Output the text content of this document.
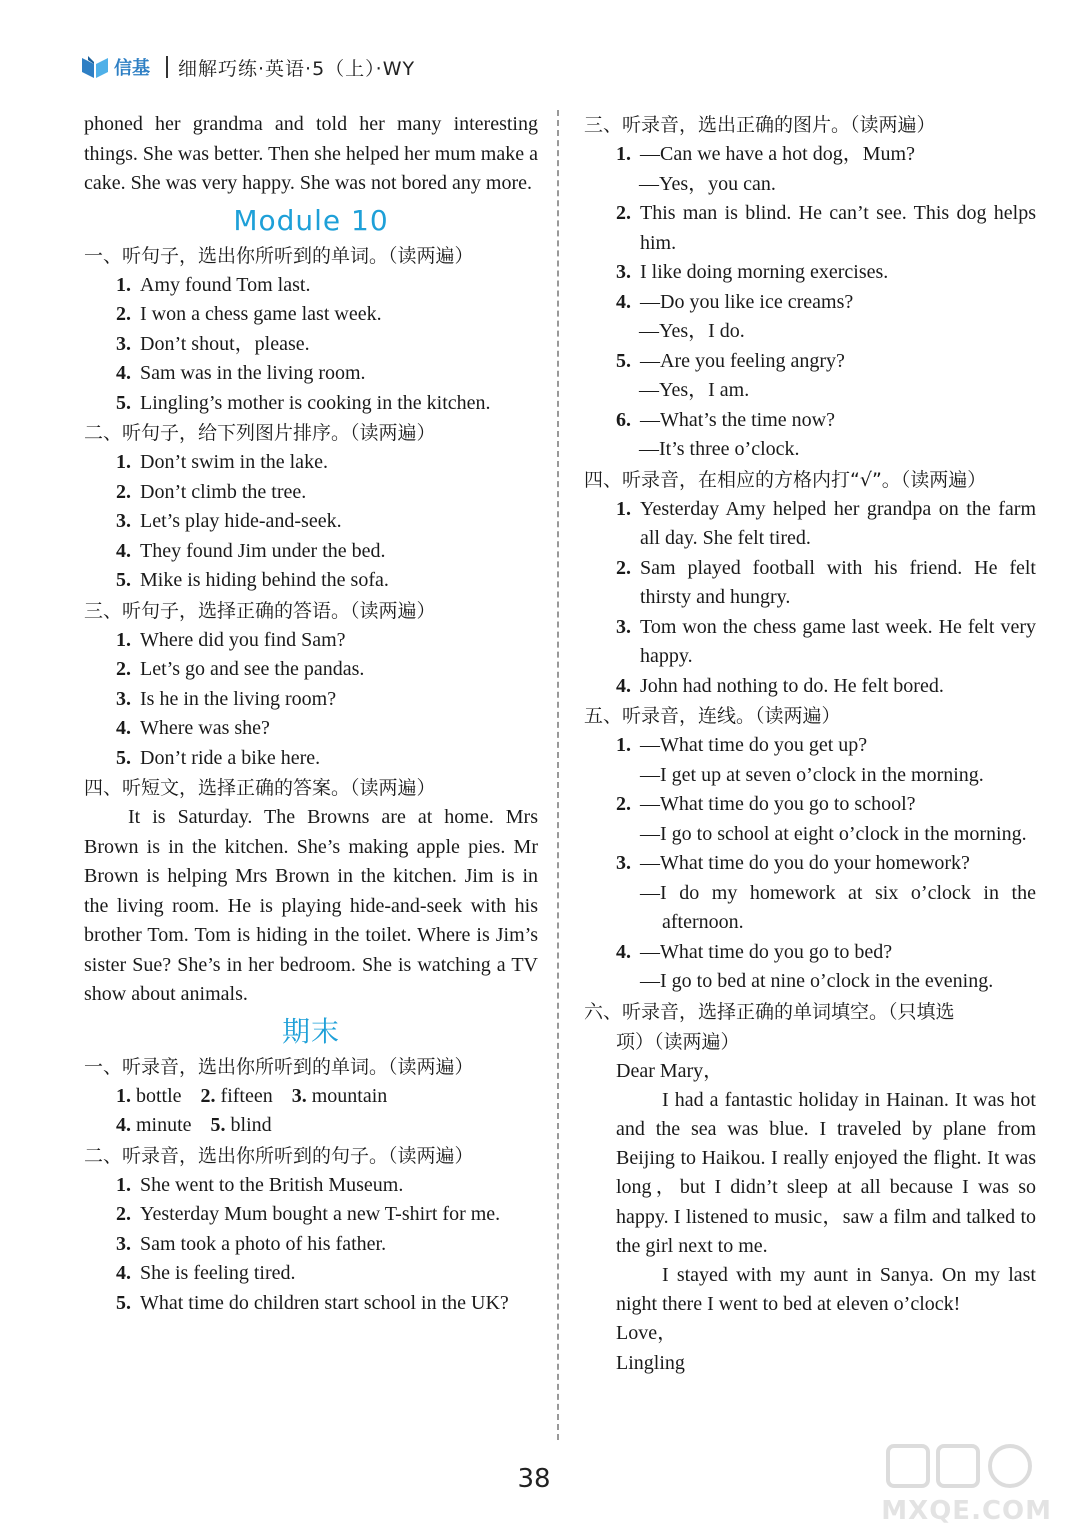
信基 细解巧练·英语·5（上）·WY
phoned her grandma and told her many interesting things. She was better. Then she helped her mum make a cake. She was very happy. She was not bored any more.
Module 10
一、听句子，选出你所听到的单词。（读两遍）
1. Amy found Tom last.
2. I won a chess game last week.
3. Don’t shout，please.
4. Sam was in the living room.
5. Lingling’s mother is cooking in the kitchen.
二、听句子，给下列图片排序。（读两遍）
1. Don’t swim in the lake.
2. Don’t climb the tree.
3. Let’s play hide-and-seek.
4. They found Jim under the bed.
5. Mike is hiding behind the sofa.
三、听句子，选择正确的答语。（读两遍）
1. Where did you find Sam?
2. Let’s go and see the pandas.
3. Is he in the living room?
4. Where was she?
5. Don’t ride a bike here.
四、听短文，选择正确的答案。（读两遍）
It is Saturday. The Browns are at home. Mrs Brown is in the kitchen. She’s making apple pies. Mr Brown is helping Mrs Brown in the kitchen. Jim is in the living room. He is playing hide-and-seek with his brother Tom. Tom is hiding in the toilet. Where is Jim’s sister Sue? She’s in her bedroom. She is watching a TV show about animals.
期末
一、听录音，选出你所听到的单词。（读两遍）
1. bottle 2. fifteen 3. mountain
4. minute 5. blind
二、听录音，选出你所听到的句子。（读两遍）
1. She went to the British Museum.
2. Yesterday Mum bought a new T-shirt for me.
3. Sam took a photo of his father.
4. She is feeling tired.
5. What time do children start school in the UK?
三、听录音，选出正确的图片。（读两遍）
1. —Can we have a hot dog，Mum?
—Yes，you can.
2. This man is blind. He can’t see. This dog helps him.
3. I like doing morning exercises.
4. —Do you like ice creams?
—Yes，I do.
5. —Are you feeling angry?
—Yes，I am.
6. —What’s the time now?
—It’s three o’clock.
四、听录音，在相应的方格内打“√”。（读两遍）
1. Yesterday Amy helped her grandpa on the farm all day. She felt tired.
2. Sam played football with his friend. He felt thirsty and hungry.
3. Tom won the chess game last week. He felt very happy.
4. John had nothing to do. He felt bored.
五、听录音，连线。（读两遍）
1. —What time do you get up?
—I get up at seven o’clock in the morning.
2. —What time do you go to school?
—I go to school at eight o’clock in the morning.
3. —What time do you do your homework?
—I do my homework at six o’clock in the afternoon.
4. —What time do you go to bed?
—I go to bed at nine o’clock in the evening.
六、听录音，选择正确的单词填空。（只填选
项）（读两遍）
Dear Mary，
I had a fantastic holiday in Hainan. It was hot and the sea was blue. I traveled by plane from Beijing to Haikou. I really enjoyed the flight. It was long，but I didn’t sleep at all because I was so happy. I listened to music，saw a film and talked to the girl next to me.
I stayed with my aunt in Sanya. On my last night there I went to bed at eleven o’clock!
Love，
Lingling
38
MXQE.COM
